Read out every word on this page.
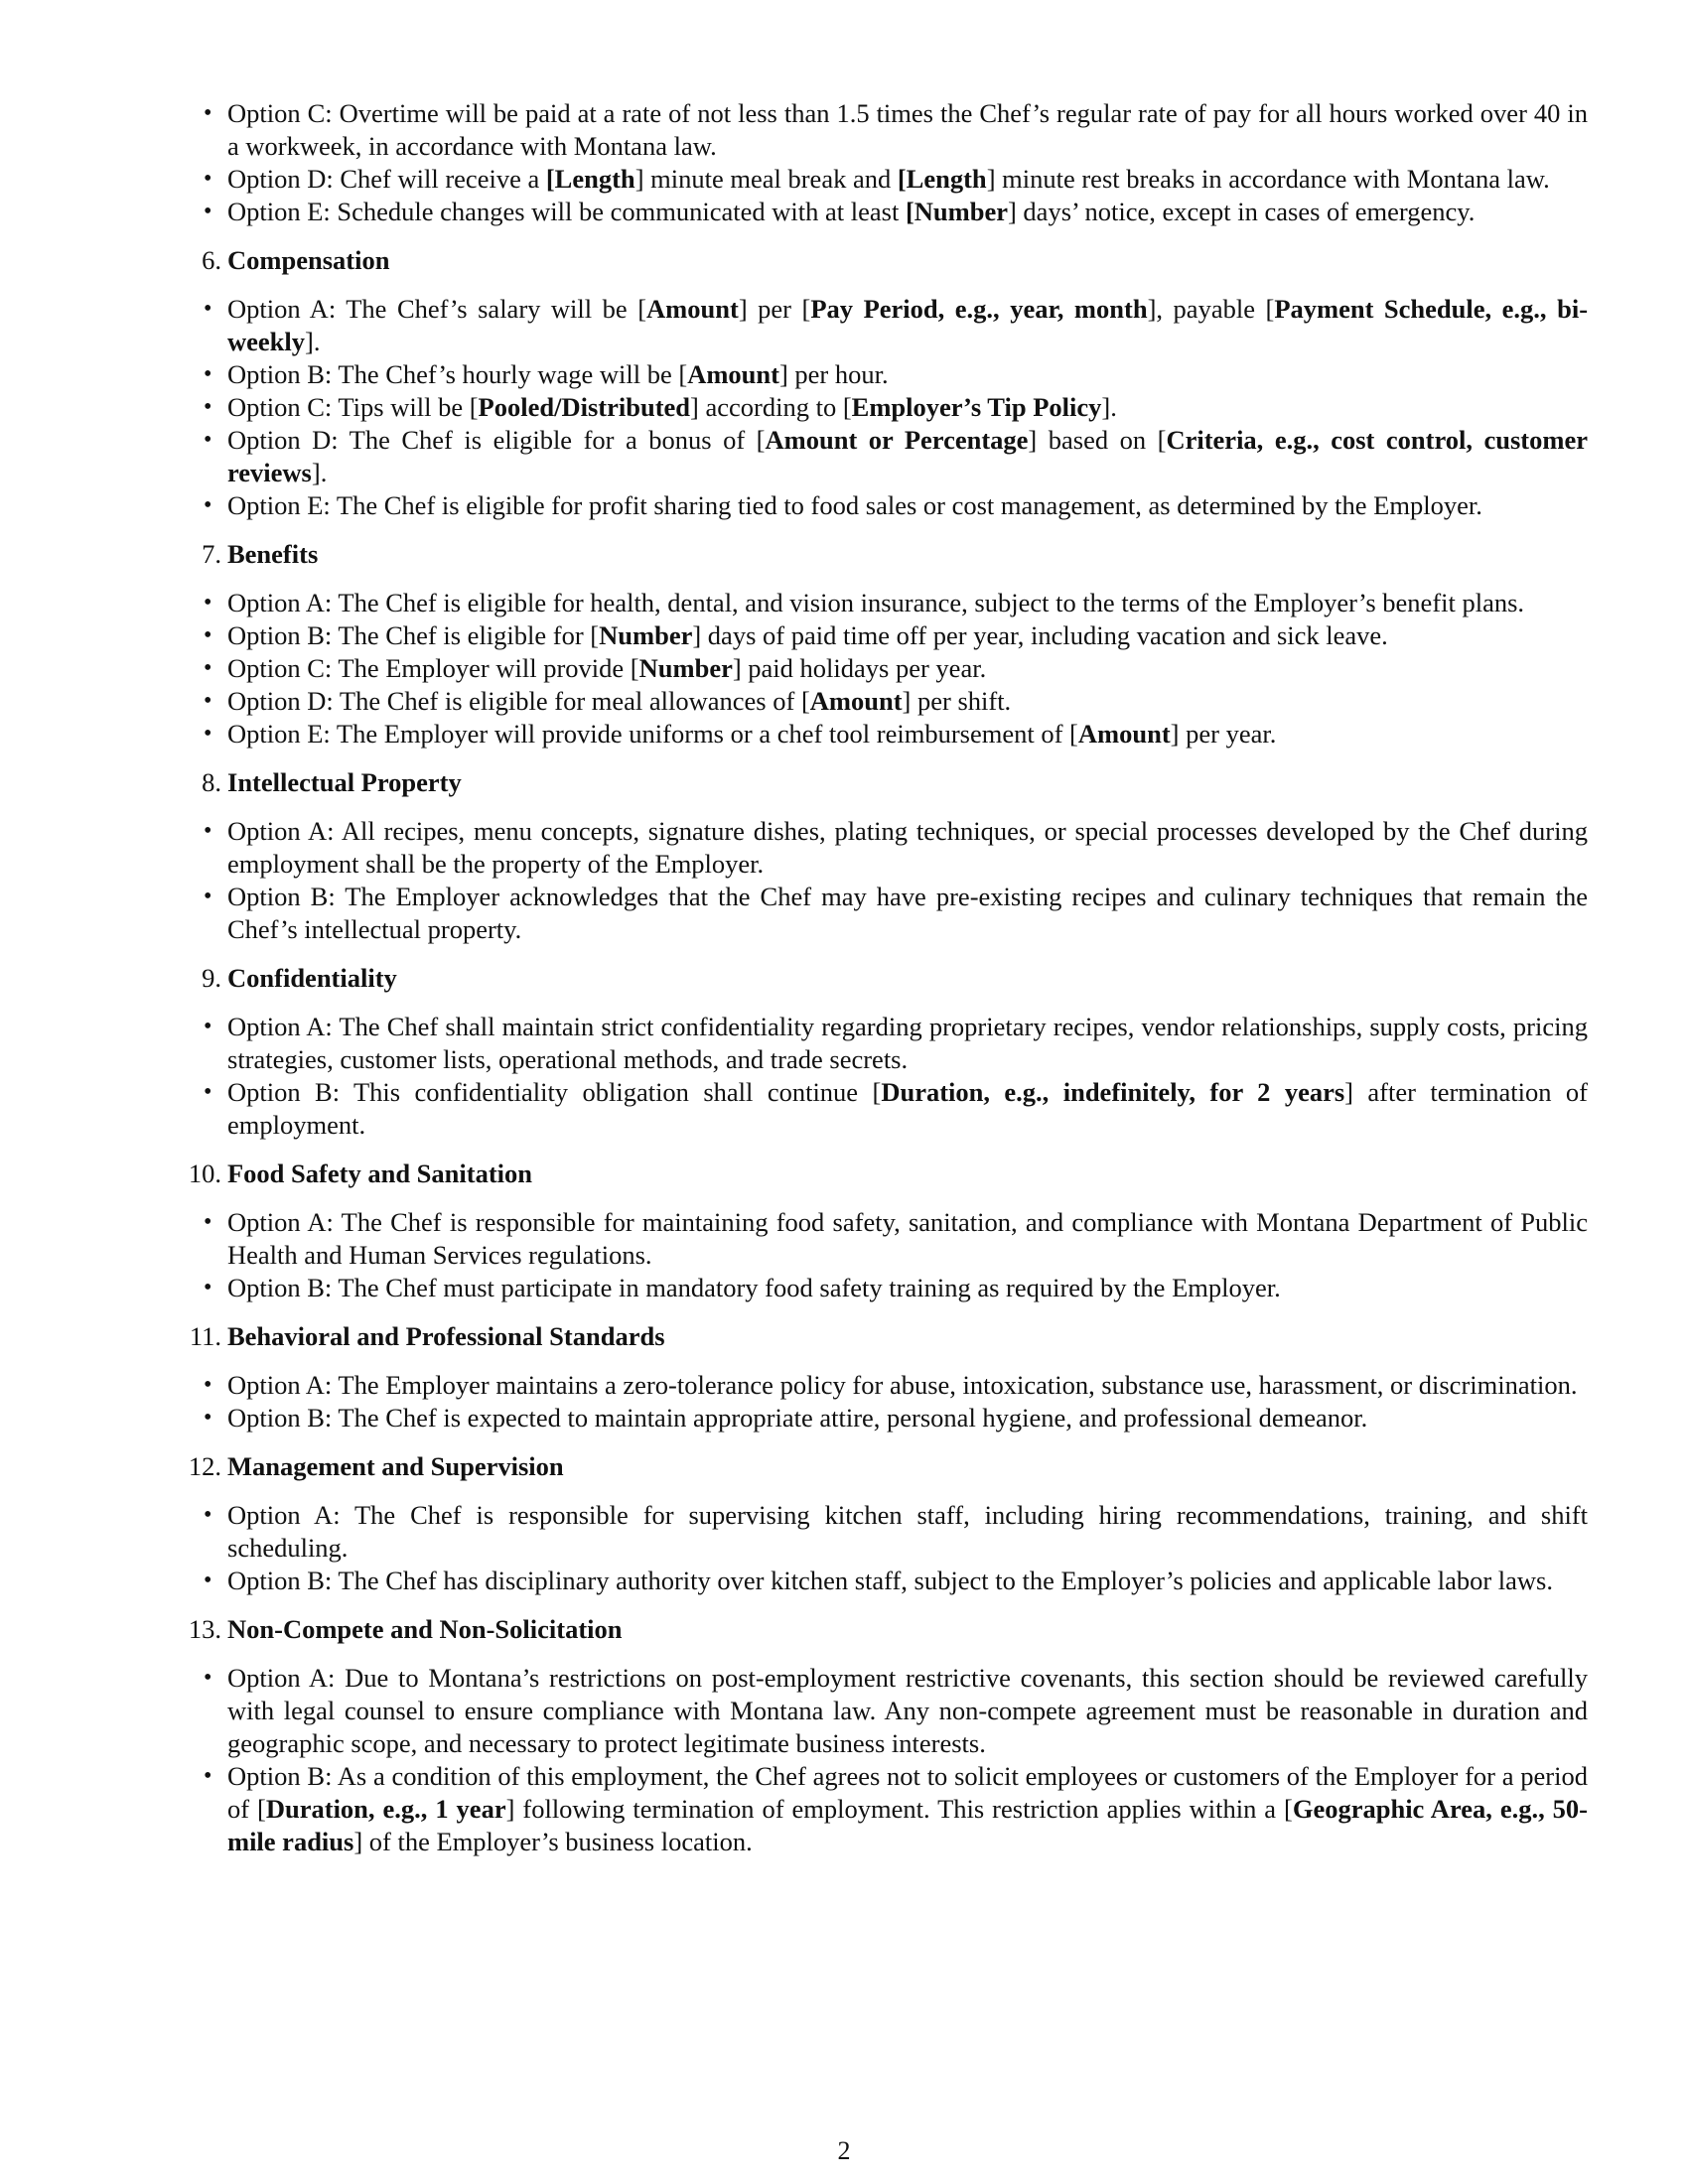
• Option C: Overtime will be paid at a rate of not less than 1.5 times the Chef’s regular rate of pay for all hours worked over 40 in a workweek, in accordance with Montana law.
• Option D: Chef will receive a [Length] minute meal break and [Length] minute rest breaks in accordance with Montana law.
• Option E: Schedule changes will be communicated with at least [Number] days’ notice, except in cases of emergency.
6. Compensation
• Option A: The Chef’s salary will be [Amount] per [Pay Period, e.g., year, month], payable [Payment Schedule, e.g., bi-weekly].
• Option B: The Chef’s hourly wage will be [Amount] per hour.
• Option C: Tips will be [Pooled/Distributed] according to [Employer’s Tip Policy].
• Option D: The Chef is eligible for a bonus of [Amount or Percentage] based on [Criteria, e.g., cost control, customer reviews].
• Option E: The Chef is eligible for profit sharing tied to food sales or cost management, as determined by the Employer.
7. Benefits
• Option A: The Chef is eligible for health, dental, and vision insurance, subject to the terms of the Employer’s benefit plans.
• Option B: The Chef is eligible for [Number] days of paid time off per year, including vacation and sick leave.
• Option C: The Employer will provide [Number] paid holidays per year.
• Option D: The Chef is eligible for meal allowances of [Amount] per shift.
• Option E: The Employer will provide uniforms or a chef tool reimbursement of [Amount] per year.
8. Intellectual Property
• Option A: All recipes, menu concepts, signature dishes, plating techniques, or special processes developed by the Chef during employment shall be the property of the Employer.
• Option B: The Employer acknowledges that the Chef may have pre-existing recipes and culinary techniques that remain the Chef’s intellectual property.
9. Confidentiality
• Option A: The Chef shall maintain strict confidentiality regarding proprietary recipes, vendor relationships, supply costs, pricing strategies, customer lists, operational methods, and trade secrets.
• Option B: This confidentiality obligation shall continue [Duration, e.g., indefinitely, for 2 years] after termination of employment.
10. Food Safety and Sanitation
• Option A: The Chef is responsible for maintaining food safety, sanitation, and compliance with Montana Department of Public Health and Human Services regulations.
• Option B: The Chef must participate in mandatory food safety training as required by the Employer.
11. Behavioral and Professional Standards
• Option A: The Employer maintains a zero-tolerance policy for abuse, intoxication, substance use, harassment, or discrimination.
• Option B: The Chef is expected to maintain appropriate attire, personal hygiene, and professional demeanor.
12. Management and Supervision
• Option A: The Chef is responsible for supervising kitchen staff, including hiring recommendations, training, and shift scheduling.
• Option B: The Chef has disciplinary authority over kitchen staff, subject to the Employer’s policies and applicable labor laws.
13. Non-Compete and Non-Solicitation
• Option A: Due to Montana’s restrictions on post-employment restrictive covenants, this section should be reviewed carefully with legal counsel to ensure compliance with Montana law. Any non-compete agreement must be reasonable in duration and geographic scope, and necessary to protect legitimate business interests.
• Option B: As a condition of this employment, the Chef agrees not to solicit employees or customers of the Employer for a period of [Duration, e.g., 1 year] following termination of employment. This restriction applies within a [Geographic Area, e.g., 50-mile radius] of the Employer’s business location.
2
